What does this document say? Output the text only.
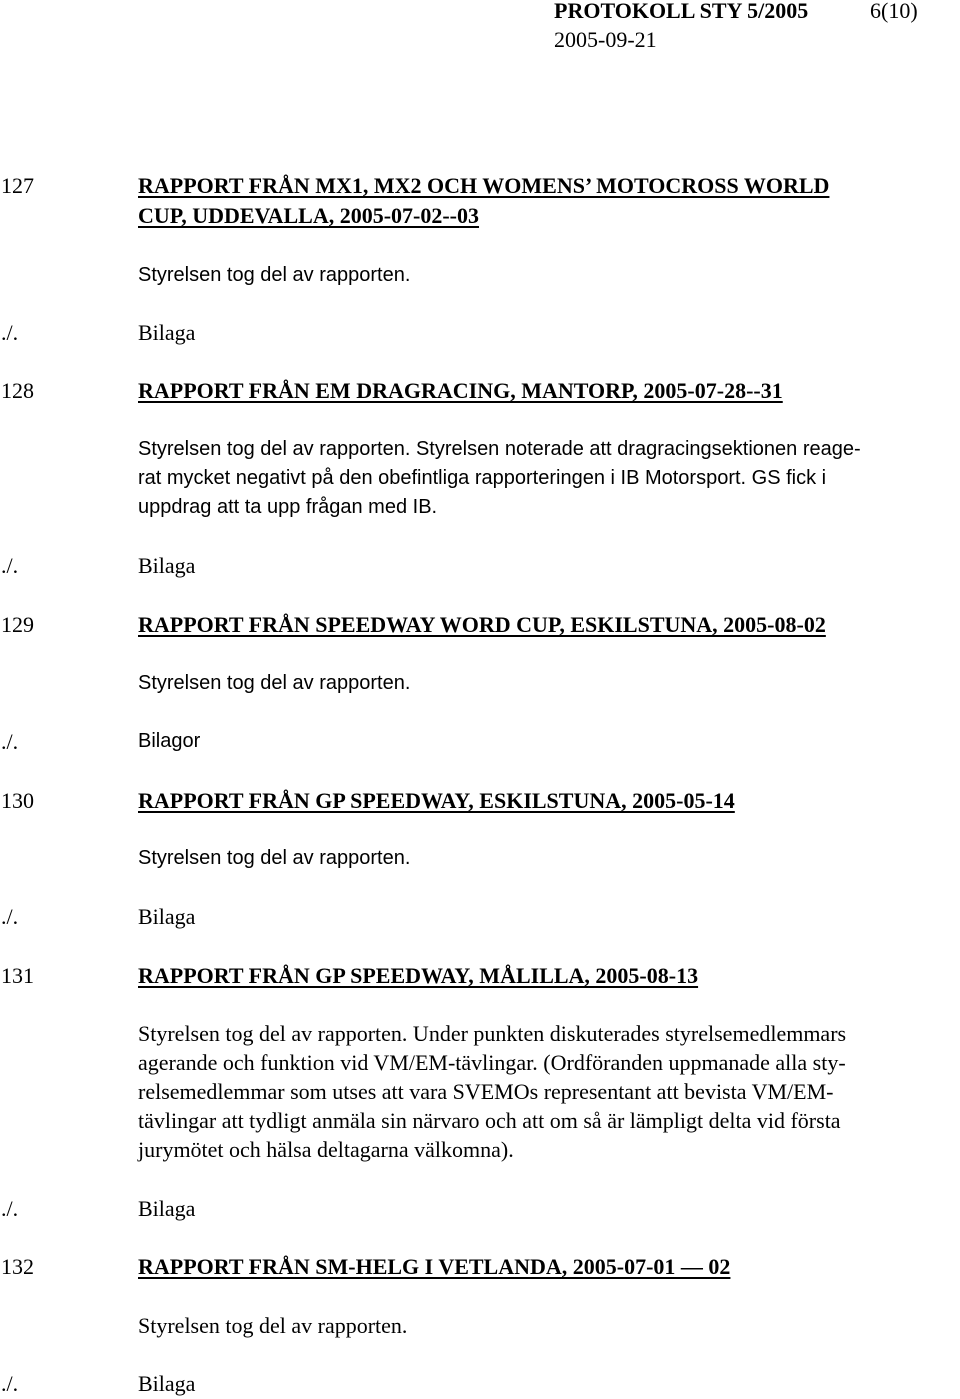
PROTOKOLL STY 5/2005	6(10)
2005-09-21
127	RAPPORT FRÅN MX1, MX2 OCH WOMENS’ MOTOCROSS WORLD
CUP, UDDEVALLA, 2005-07-02--03
Styrelsen tog del av rapporten.
./.	Bilaga
128	RAPPORT FRÅN EM DRAGRACING, MANTORP, 2005-07-28--31
Styrelsen tog del av rapporten. Styrelsen noterade att dragracingsektionen reage-
rat mycket negativt på den obefintliga rapporteringen i IB Motorsport. GS fick i
uppdrag att ta upp frågan med IB.
./.	Bilaga
129	RAPPORT FRÅN SPEEDWAY WORD CUP, ESKILSTUNA, 2005-08-02
Styrelsen tog del av rapporten.
./.	Bilagor
130	RAPPORT FRÅN GP SPEEDWAY, ESKILSTUNA, 2005-05-14
Styrelsen tog del av rapporten.
./.	Bilaga
131	RAPPORT FRÅN GP SPEEDWAY, MÅLILLA, 2005-08-13
Styrelsen tog del av rapporten. Under punkten diskuterades styrelsemedlemmars
agerande och funktion vid VM/EM-tävlingar. (Ordföranden uppmanade alla sty-
relsemedlemmar som utses att vara SVEMOs representant att bevista VM/EM-
tävlingar att tydligt anmäla sin närvaro och att om så är lämpligt delta vid första
jurymötet och hälsa deltagarna välkomna).
./.	Bilaga
132	RAPPORT FRÅN SM-HELG I VETLANDA, 2005-07-01 — 02
Styrelsen tog del av rapporten.
./.	Bilaga
